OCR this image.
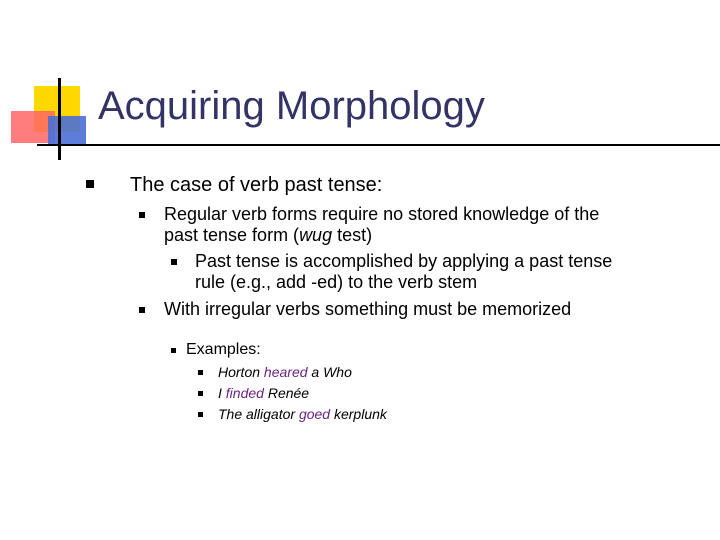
Acquiring Morphology
The case of verb past tense:
Regular verb forms require no stored knowledge of the
past tense form (wug test)
Past tense is accomplished by applying a past tense
rule (e.g., add -ed) to the verb stem
With irregular verbs something must be memorized
Examples:
Horton heared a Who
I finded Renée
The alligator goed kerplunk
